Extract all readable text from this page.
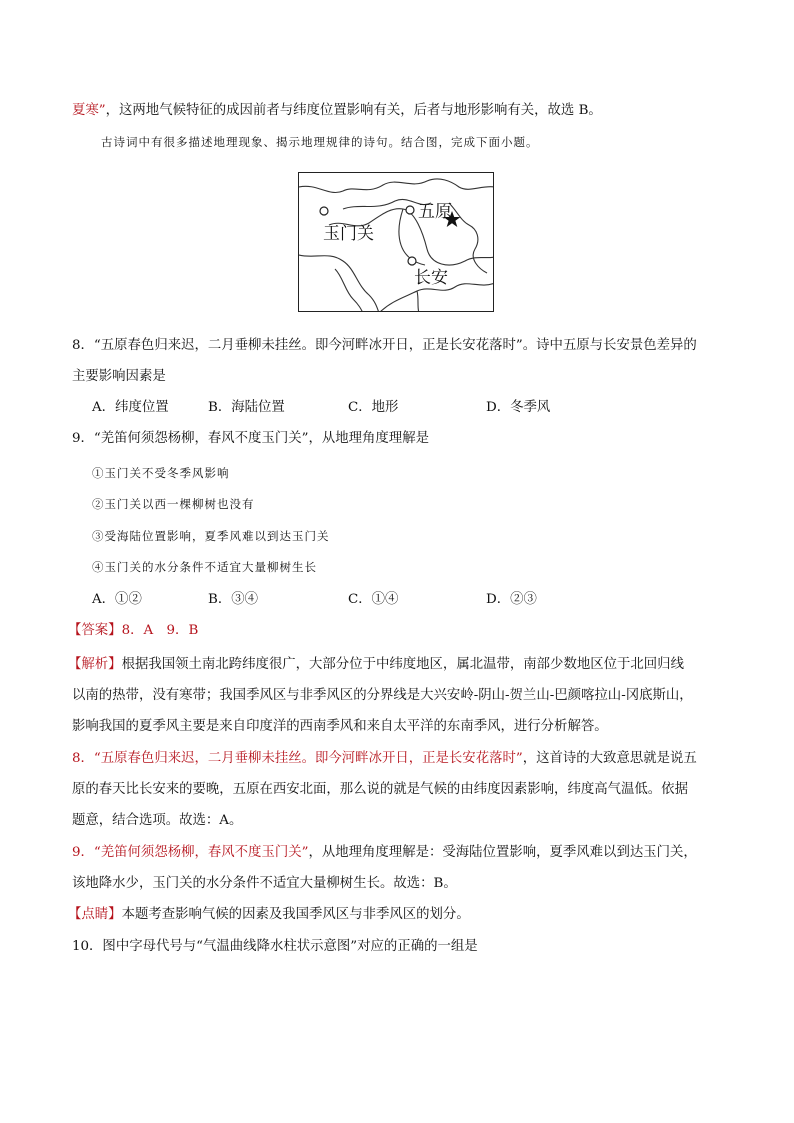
夏寒”，这两地气候特征的成因前者与纬度位置影响有关，后者与地形影响有关，故选 B。
古诗词中有很多描述地理现象、揭示地理规律的诗句。结合图，完成下面小题。
五原
玉门关
长安
8．“五原春色归来迟，二月垂柳未挂丝。即今河畔冰开日，正是长安花落时”。诗中五原与长安景色差异的
主要影响因素是
A．纬度位置	B．海陆位置	C．地形	D．冬季风
9．“羌笛何须怨杨柳，春风不度玉门关”，从地理角度理解是
①玉门关不受冬季风影响
②玉门关以西一棵柳树也没有
③受海陆位置影响，夏季风难以到达玉门关
④玉门关的水分条件不适宜大量柳树生长
A．①②	B．③④	C．①④	D．②③
【答案】8．A　9．B
【解析】根据我国领土南北跨纬度很广，大部分位于中纬度地区，属北温带，南部少数地区位于北回归线
以南的热带，没有寒带；我国季风区与非季风区的分界线是大兴安岭-阴山-贺兰山-巴颜喀拉山-冈底斯山，
影响我国的夏季风主要是来自印度洋的西南季风和来自太平洋的东南季风，进行分析解答。
8．“五原春色归来迟，二月垂柳未挂丝。即今河畔冰开日，正是长安花落时”，这首诗的大致意思就是说五
原的春天比长安来的要晚，五原在西安北面，那么说的就是气候的由纬度因素影响，纬度高气温低。依据
题意，结合选项。故选：A。
9．“羌笛何须怨杨柳，春风不度玉门关”，从地理角度理解是：受海陆位置影响，夏季风难以到达玉门关，
该地降水少，玉门关的水分条件不适宜大量柳树生长。故选：B。
【点睛】本题考查影响气候的因素及我国季风区与非季风区的划分。
10．图中字母代号与“气温曲线降水柱状示意图”对应的正确的一组是
